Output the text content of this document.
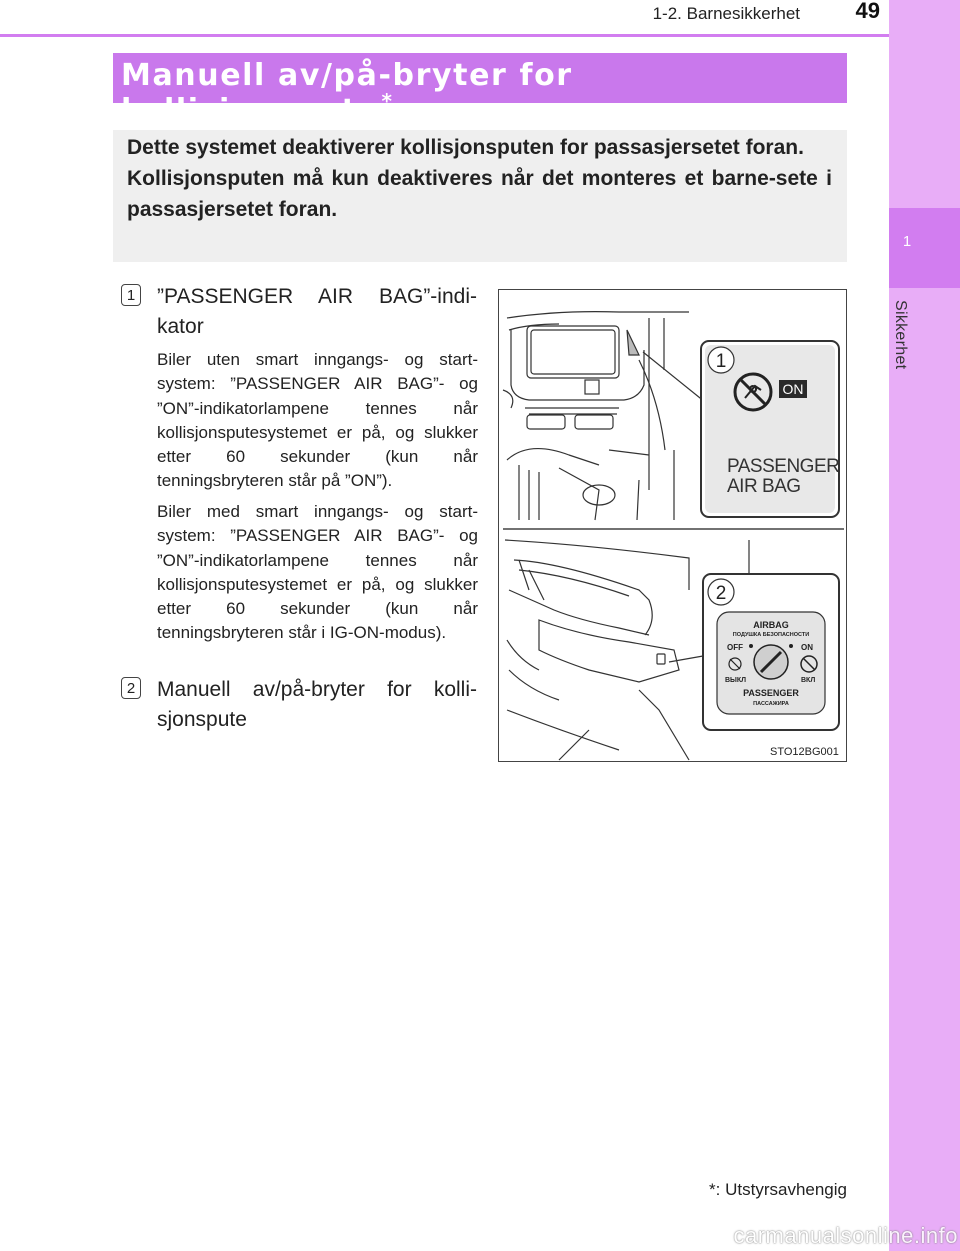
1
Sikkerhet
1-2. Barnesikkerhet	49
Manuell av/på-bryter for kollisjonspute *

Dette systemet deaktiverer kollisjonsputen for passasjersetet foran.

Kollisjonsputen må kun deaktiveres når det monteres et barne-sete i passasjersetet foran.

1 ”PASSENGER AIR BAG”-indi-kator
Biler uten smart inngangs- og start-system: ”PASSENGER AIR BAG”- og ”ON”-indikatorlampene tennes når kollisjonsputesystemet er på, og slukker etter 60 sekunder (kun når tenningsbryteren står på ”ON”).
Biler med smart inngangs- og start-system: ”PASSENGER AIR BAG”- og ”ON”-indikatorlampene tennes når kollisjonsputesystemet er på, og slukker etter 60 sekunder (kun når tenningsbryteren står i IG-ON-modus).
2 Manuell av/på-bryter for kolli-sjonspute
1
ON
PASSENGER
AIR BAG
2
AIRBAG
ПОДУШКА БЕЗОПАСНОСТИ
OFF	ON
ВЫКЛ	ВКЛ
PASSENGER
ПАССАЖИРА
STO12BG001
*: Utstyrsavhengig
carmanualsonline.info
